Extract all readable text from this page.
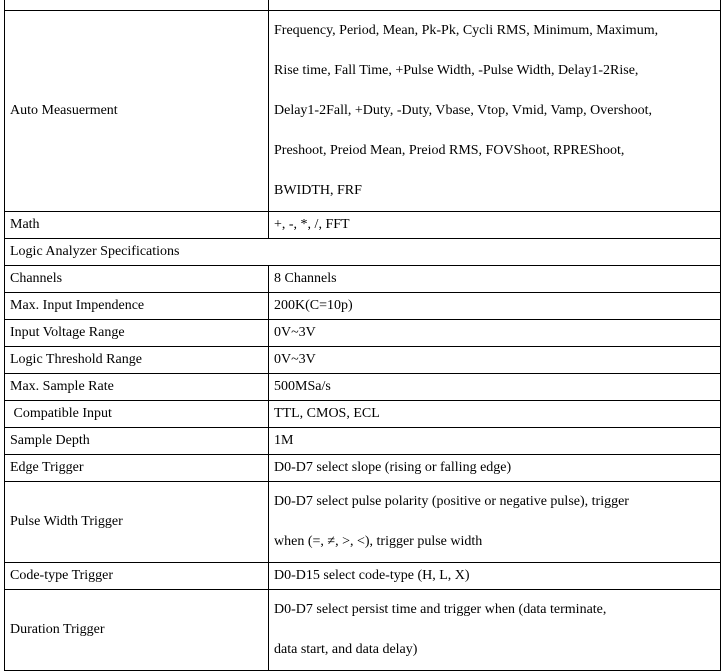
Auto Measuerment	Frequency, Period, Mean, Pk-Pk, Cycli RMS, Minimum, Maximum,
Rise time, Fall Time, +Pulse Width, -Pulse Width, Delay1-2Rise,
Delay1-2Fall, +Duty, -Duty, Vbase, Vtop, Vmid, Vamp, Overshoot,
Preshoot, Preiod Mean, Preiod RMS, FOVShoot, RPREShoot,
BWIDTH, FRF

Math	+, -, *, /, FFT
Logic Analyzer Specifications	
Channels	8 Channels
Max. Input Impendence	200K(C=10p)
Input Voltage Range	0V~3V
Logic Threshold Range	0V~3V
Max. Sample Rate	500MSa/s
Compatible Input	TTL, CMOS, ECL
Sample Depth	1M
Edge Trigger	D0-D7 select slope (rising or falling edge)
Pulse Width Trigger	D0-D7 select pulse polarity (positive or negative pulse), trigger
when (=, ≠, >, <), trigger pulse width

Code-type Trigger	D0-D15 select code-type (H, L, X)
Duration Trigger	D0-D7 select persist time and trigger when (data terminate,
data start, and data delay)
